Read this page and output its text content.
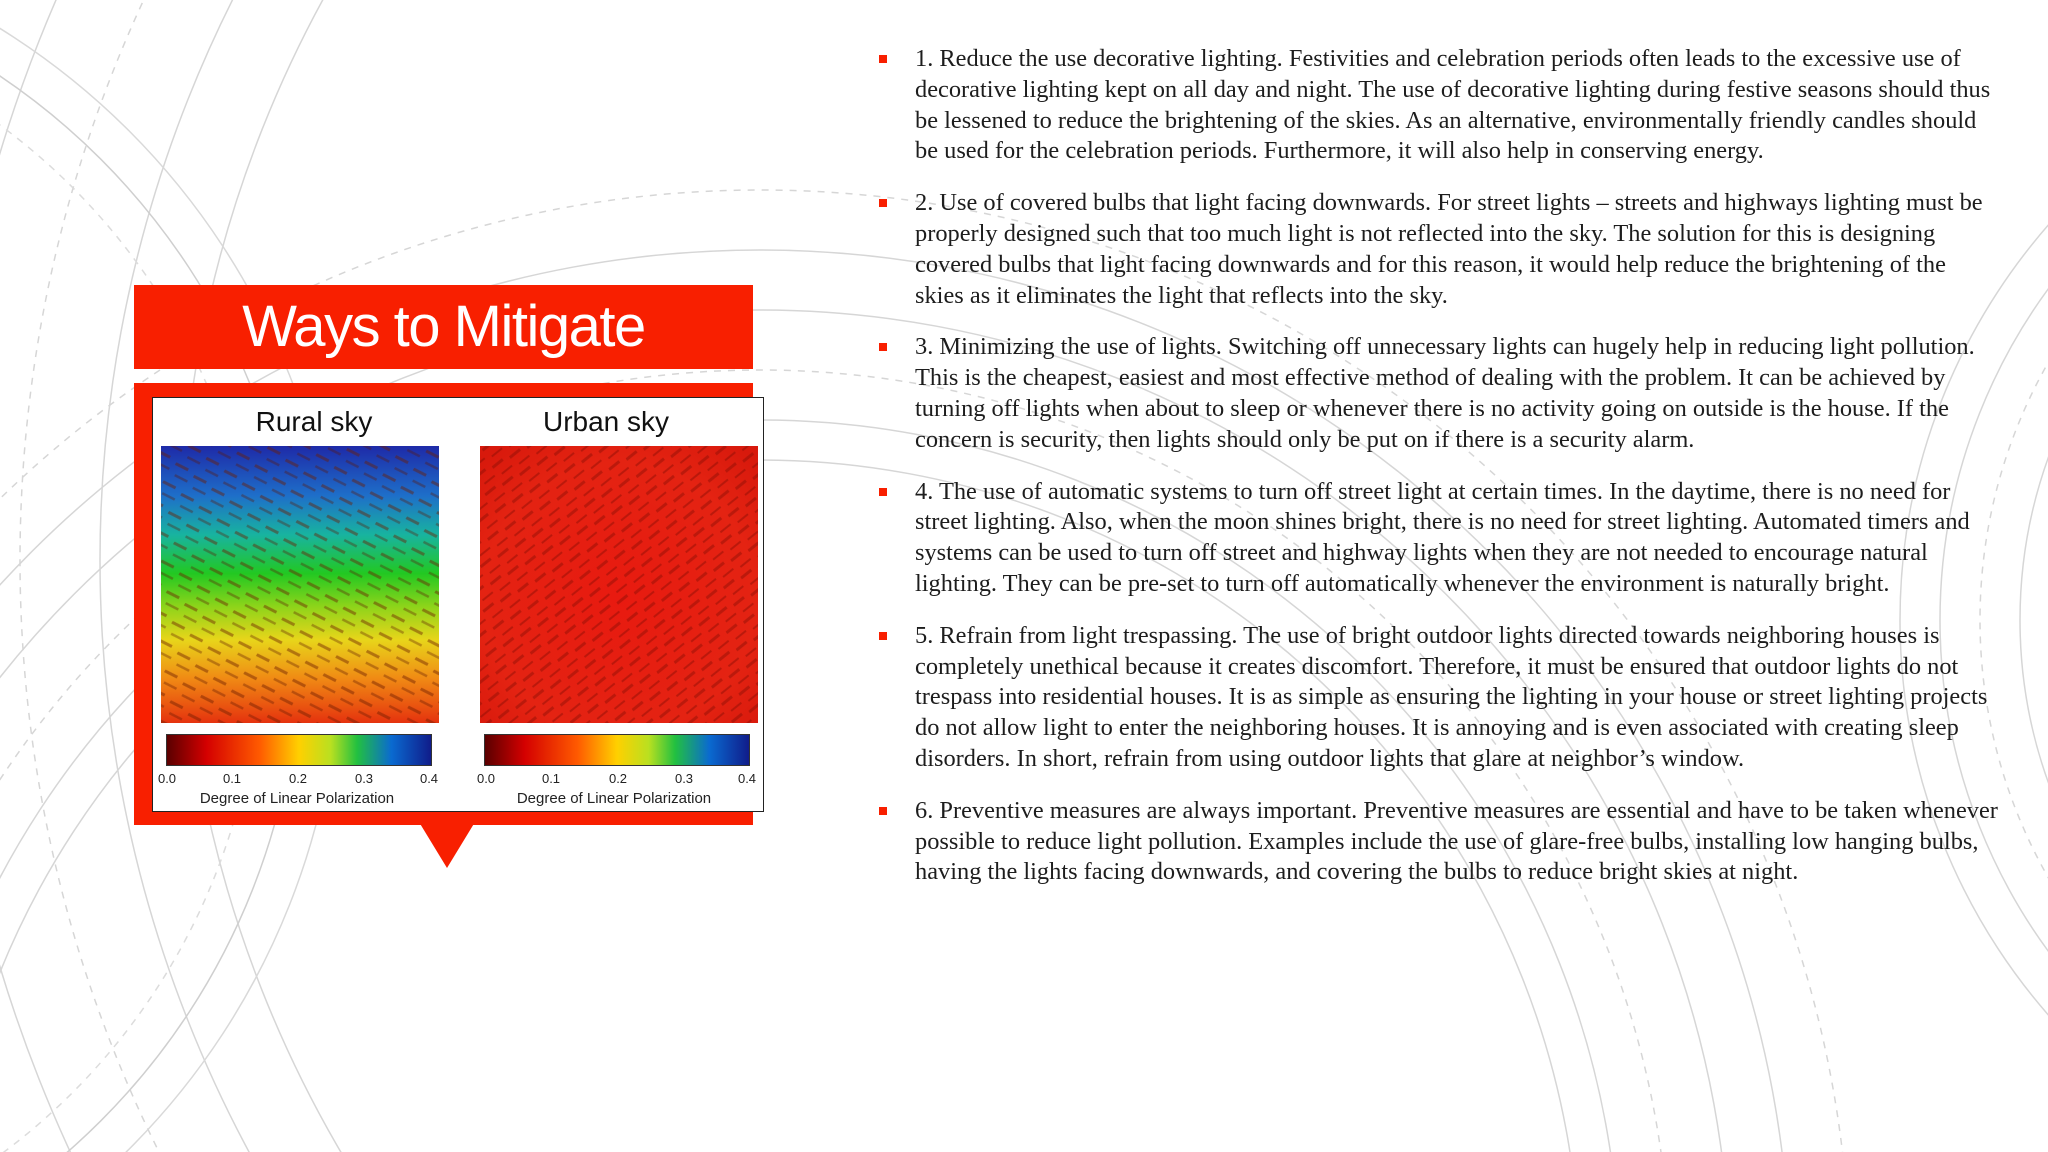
Ways to Mitigate
Rural sky
0.0	0.1	0.2	0.3	0.4
Degree of Linear Polarization
Urban sky
0.0	0.1	0.2	0.3	0.4
Degree of Linear Polarization
1. Reduce the use decorative lighting. Festivities and celebration periods often leads to the excessive use of decorative lighting kept on all day and night. The use of decorative lighting during festive seasons should thus be lessened to reduce the brightening of the skies. As an alternative, environmentally friendly candles should be used for the celebration periods. Furthermore, it will also help in conserving energy.
2. Use of covered bulbs that light facing downwards. For street lights – streets and highways lighting must be properly designed such that too much light is not reflected into the sky. The solution for this is designing covered bulbs that light facing downwards and for this reason, it would help reduce the brightening of the skies as it eliminates the light that reflects into the sky.
3. Minimizing the use of lights. Switching off unnecessary lights can hugely help in reducing light pollution. This is the cheapest, easiest and most effective method of dealing with the problem. It can be achieved by turning off lights when about to sleep or whenever there is no activity going on outside is the house. If the concern is security, then lights should only be put on if there is a security alarm.
4. The use of automatic systems to turn off street light at certain times. In the daytime, there is no need for street lighting. Also, when the moon shines bright, there is no need for street lighting. Automated timers and systems can be used to turn off street and highway lights when they are not needed to encourage natural lighting. They can be pre-set to turn off automatically whenever the environment is naturally bright.
5. Refrain from light trespassing. The use of bright outdoor lights directed towards neighboring houses is completely unethical because it creates discomfort. Therefore, it must be ensured that outdoor lights do not trespass into residential houses. It is as simple as ensuring the lighting in your house or street lighting projects do not allow light to enter the neighboring houses. It is annoying and is even associated with creating sleep disorders. In short, refrain from using outdoor lights that glare at neighbor’s window.
6. Preventive measures are always important. Preventive measures are essential and have to be taken whenever possible to reduce light pollution. Examples include the use of glare-free bulbs, installing low hanging bulbs, having the lights facing downwards, and covering the bulbs to reduce bright skies at night.
